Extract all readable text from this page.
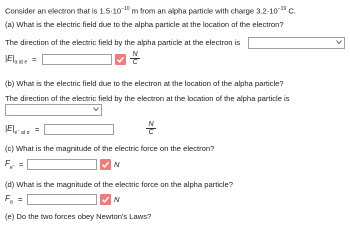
Consider an electron that is $1.5\cdot 10^{-10}$ m from an alpha particle with charge $3.2\cdot 10^{-19}$ C.
(a) What is the electric field due to the alpha particle at the location of the electron?
The direction of the electric field by the alpha particle at the electron is
$|E|_{\alpha at e}$ =
N
C
(b) What is the electric field due to the electron at the location of the alpha particle?
The direction of the electric field by the electron at the location of the alpha particle is
$|E|_{e^- at \alpha}$ =
N
C
(c) What is the magnitude of the electric force on the electron?
$F_{e^-}$ =	N
(d) What is the magnitude of the electric force on the alpha particle?
$F_\alpha$ =	N
(e) Do the two forces obey Newton's Laws?
